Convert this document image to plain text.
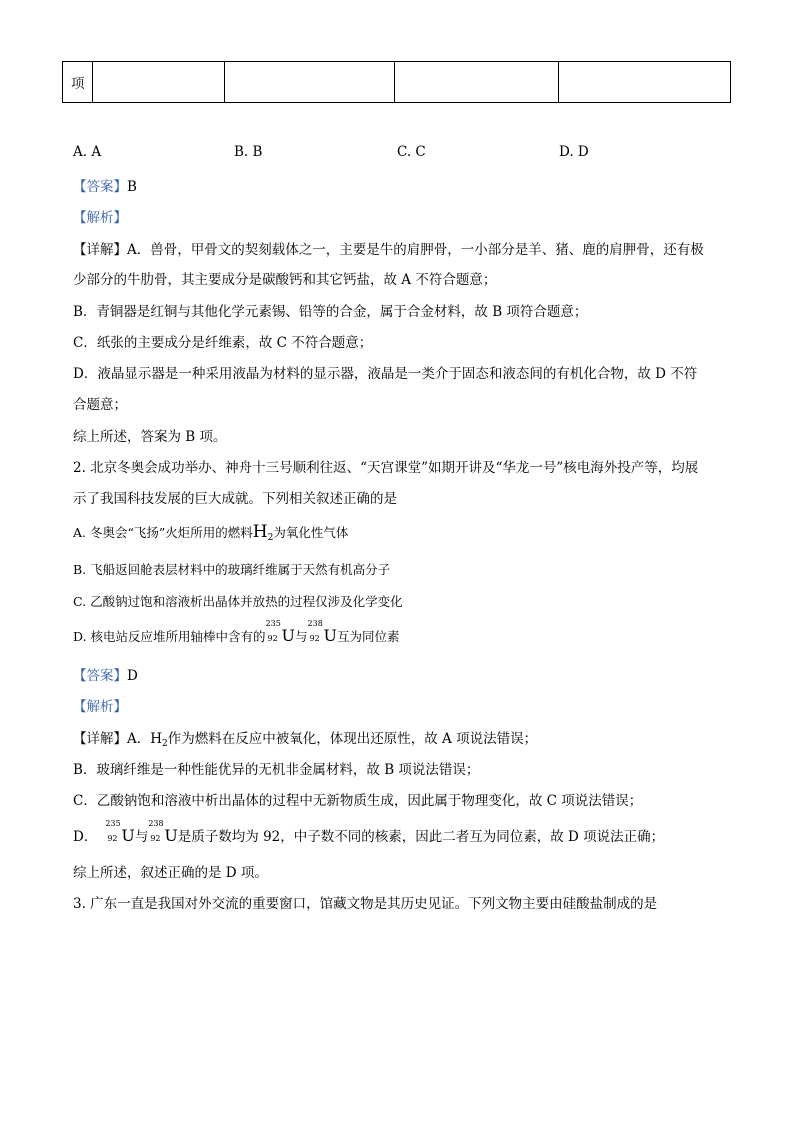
项				
A. A	B. B	C. C	D. D
【答案】B
【解析】
【详解】A．兽骨，甲骨文的契刻载体之一，主要是牛的肩胛骨，一小部分是羊、猪、鹿的肩胛骨，还有极
少部分的牛肋骨，其主要成分是碳酸钙和其它钙盐，故 A 不符合题意；
B．青铜器是红铜与其他化学元素锡、铅等的合金，属于合金材料，故 B 项符合题意；
C．纸张的主要成分是纤维素，故 C 不符合题意；
D．液晶显示器是一种采用液晶为材料的显示器，液晶是一类介于固态和液态间的有机化合物，故 D 不符
合题意；
综上所述，答案为 B 项。
2. 北京冬奥会成功举办、神舟十三号顺利往返、“天宫课堂”如期开讲及“华龙一号”核电海外投产等，均展
示了我国科技发展的巨大成就。下列相关叙述正确的是
A. 冬奥会“飞扬”火炬所用的燃料$H_2$为氧化性气体
B. 飞船返回舱表层材料中的玻璃纤维属于天然有机高分子
C. 乙酸钠过饱和溶液析出晶体并放热的过程仅涉及化学变化
D. 核电站反应堆所用轴棒中含有的
235
92 U与
238
92 U互为同位素
【答案】D
【解析】
【详解】A．$H_2$作为燃料在反应中被氧化，体现出还原性，故 A 项说法错误；
B．玻璃纤维是一种性能优异的无机非金属材料，故 B 项说法错误；
C．乙酸钠饱和溶液中析出晶体的过程中无新物质生成，因此属于物理变化，故 C 项说法错误；
D．
235
92 U与
238
92 U是质子数均为 92，中子数不同的核素，因此二者互为同位素，故 D 项说法正确；
综上所述，叙述正确的是 D 项。
3. 广东一直是我国对外交流的重要窗口，馆藏文物是其历史见证。下列文物主要由硅酸盐制成的是
